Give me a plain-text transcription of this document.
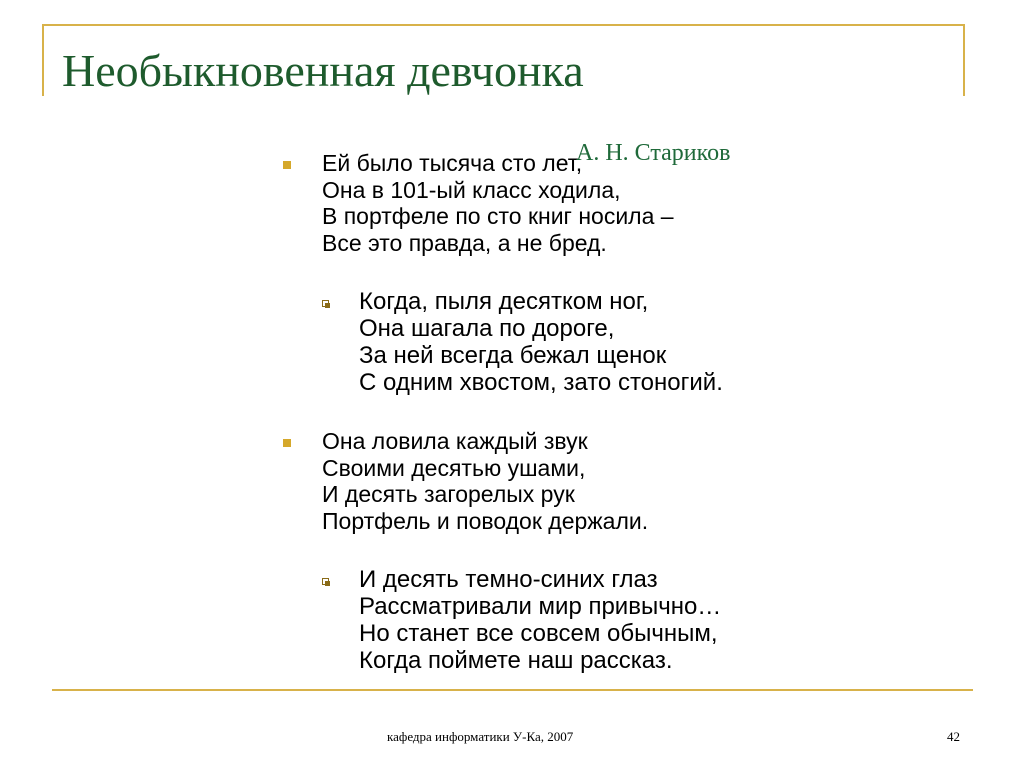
Необыкновенная девчонка

Ей было тысяча сто лет,
Она в 101-ый класс ходила,
В портфеле по сто книг носила –
Все это правда, а не бред.

А. Н. Стариков

Когда, пыля десятком ног,
Она шагала по дороге,
За ней всегда бежал щенок
С одним хвостом, зато стоногий.

Она ловила каждый звук
Своими десятью ушами,
И десять загорелых рук
Портфель и поводок держали.

И десять темно-синих глаз
Рассматривали мир привычно…
Но станет все совсем обычным,
Когда поймете наш рассказ.

кафедра информатики У-Ка, 2007	42
